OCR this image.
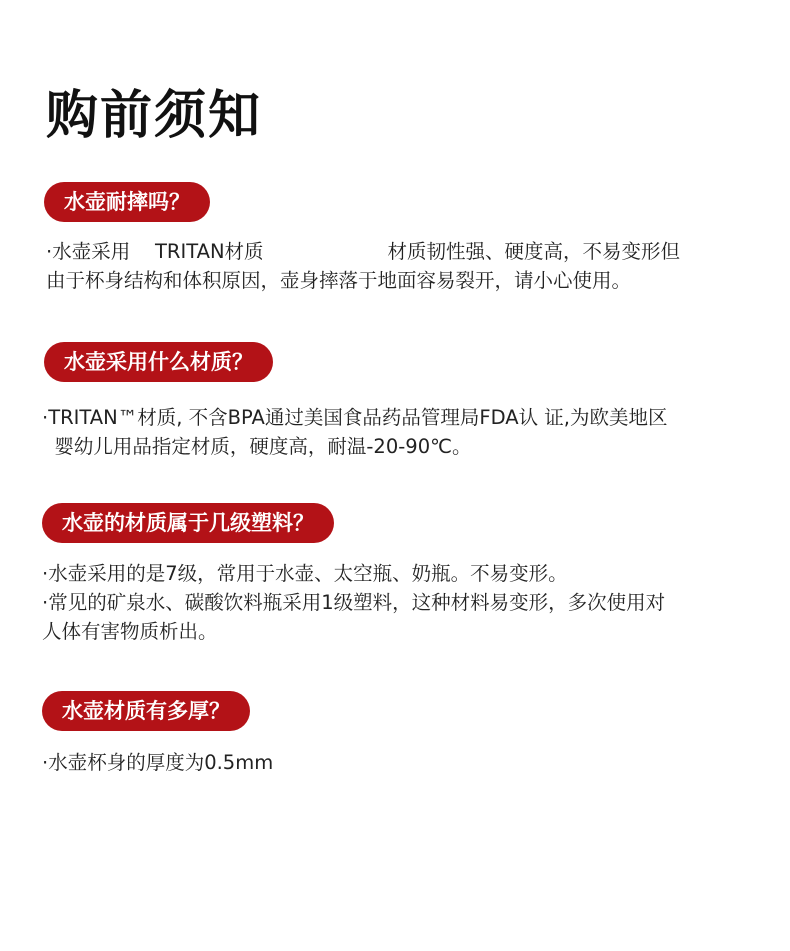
购前须知
水壶耐摔吗？

·水壶采用    TRITAN材质                    材质韧性强、硬度高，不易变形但

由于杯身结构和体积原因，壶身摔落于地面容易裂开，请小心使用。

水壶采用什么材质？

·TRITAN™材质, 不含BPA通过美国食品药品管理局FDA认 证,为欧美地区

婴幼儿用品指定材质，硬度高，耐温-20-90℃。

水壶的材质属于几级塑料？

·水壶采用的是7级，常用于水壶、太空瓶、奶瓶。不易变形。

·常见的矿泉水、碳酸饮料瓶采用1级塑料，这种材料易变形，多次使用对

人体有害物质析出。

水壶材质有多厚？

·水壶杯身的厚度为0.5mm
